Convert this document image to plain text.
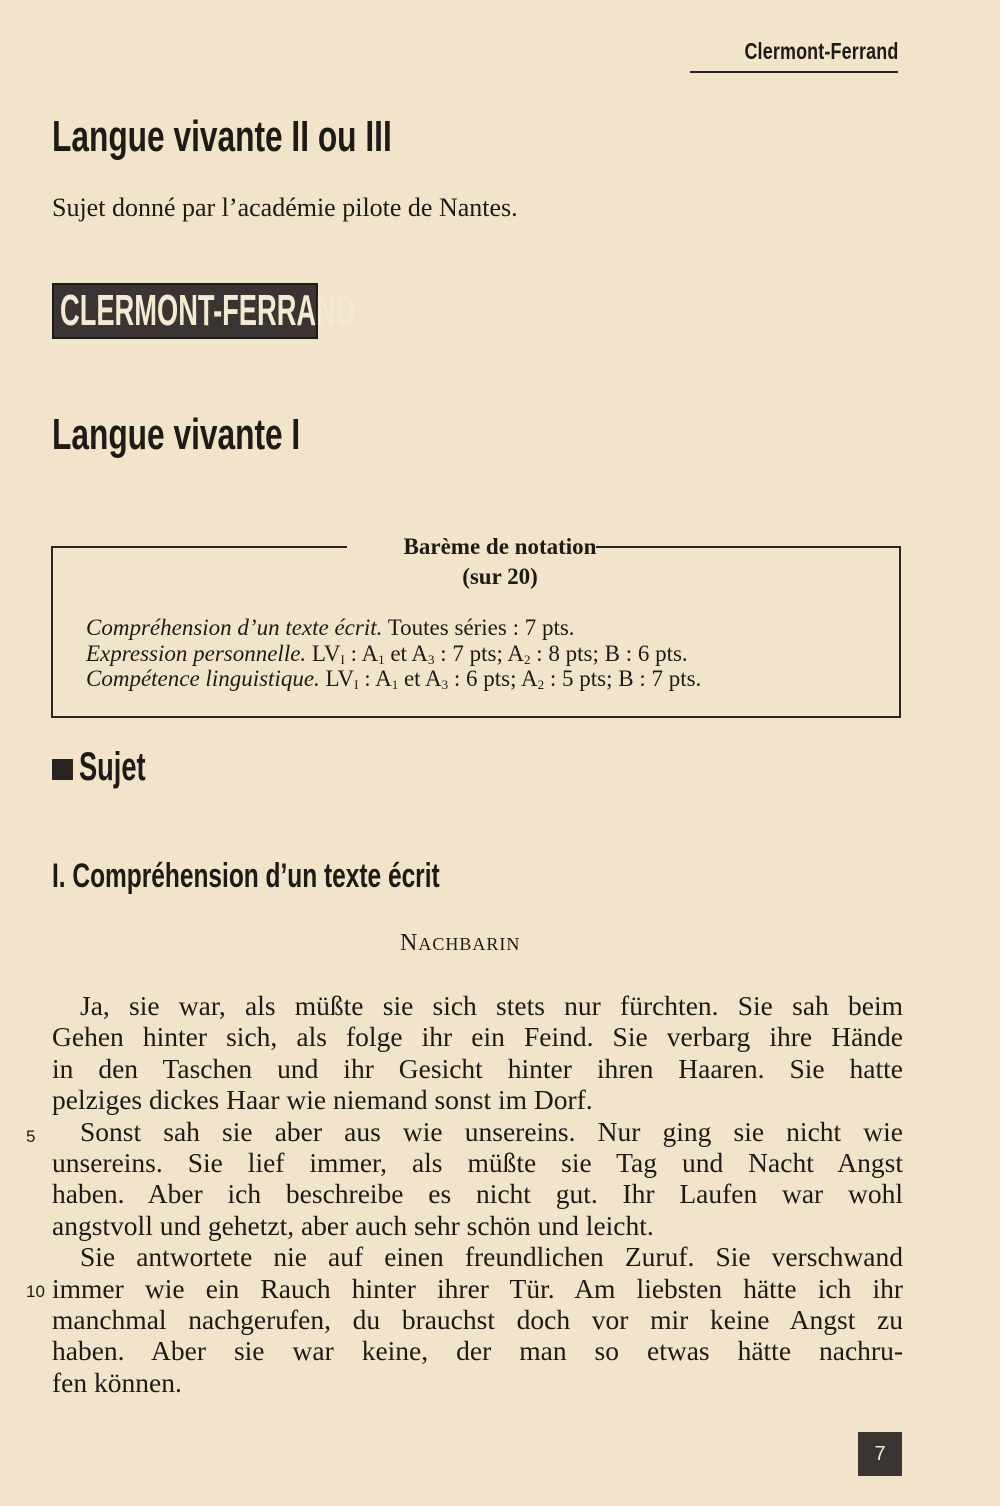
Clermont-Ferrand
Langue vivante II ou III
Sujet donné par l’académie pilote de Nantes.
CLERMONT-FERRAND
Langue vivante I
Barème de notation
(sur 20)
Compréhension d’un texte écrit. Toutes séries : 7 pts.
Expression personnelle. $LV_I$ : $A_1$ et $A_3$ : 7 pts; $A_2$ : 8 pts; B : 6 pts.
Compétence linguistique. $LV_I$ : $A_1$ et $A_3$ : 6 pts; $A_2$ : 5 pts; B : 7 pts.
Sujet
I. Compréhension d’un texte écrit
NACHBARIN
Ja, sie war, als müßte sie sich stets nur fürchten. Sie sah beim
Gehen hinter sich, als folge ihr ein Feind. Sie verbarg ihre Hände
in den Taschen und ihr Gesicht hinter ihren Haaren. Sie hatte
pelziges dickes Haar wie niemand sonst im Dorf.
Sonst sah sie aber aus wie unsereins. Nur ging sie nicht wie
unsereins. Sie lief immer, als müßte sie Tag und Nacht Angst
haben. Aber ich beschreibe es nicht gut. Ihr Laufen war wohl
angstvoll und gehetzt, aber auch sehr schön und leicht.
Sie antwortete nie auf einen freundlichen Zuruf. Sie verschwand
immer wie ein Rauch hinter ihrer Tür. Am liebsten hätte ich ihr
manchmal nachgerufen, du brauchst doch vor mir keine Angst zu
haben. Aber sie war keine, der man so etwas hätte nachru-
fen können.
5
10
7
